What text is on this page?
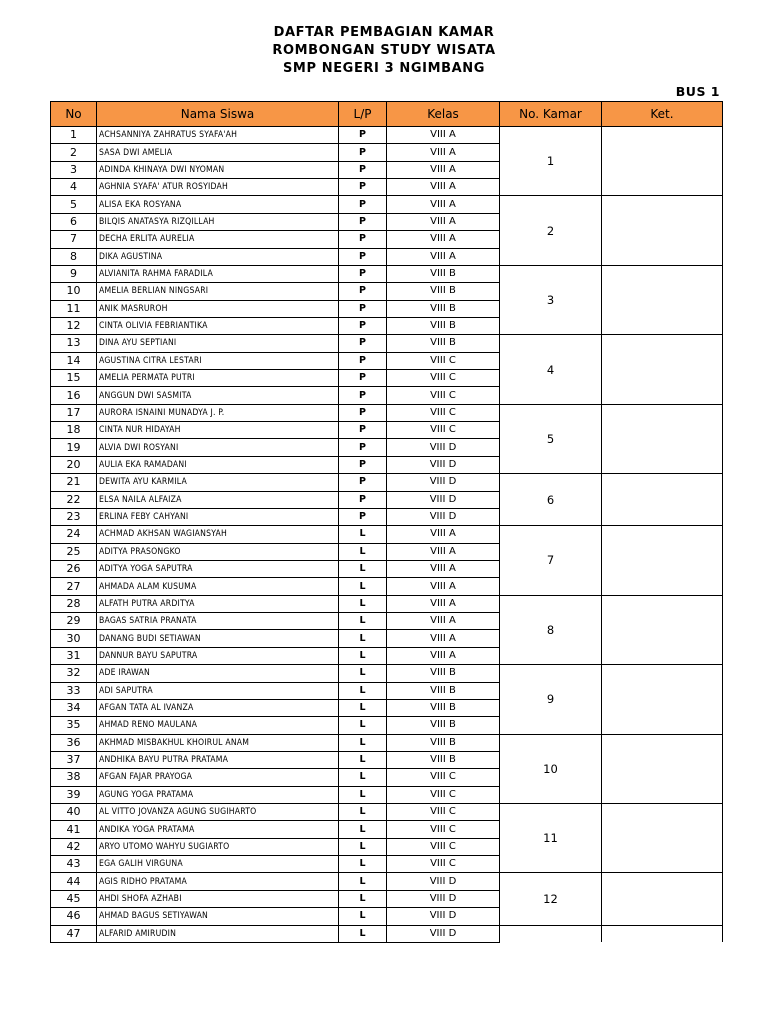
DAFTAR PEMBAGIAN KAMAR
ROMBONGAN STUDY WISATA
SMP NEGERI 3 NGIMBANG
BUS 1
No	Nama Siswa	L/P	Kelas	No. Kamar	Ket.
1	ACHSANNIYA ZAHRATUS SYAFA'AH	P	VIII A	1	
2	SASA DWI AMELIA	P	VIII A		
3	ADINDA KHINAYA DWI NYOMAN	P	VIII A		
4	AGHNIA SYAFA' ATUR ROSYIDAH	P	VIII A		
5	ALISA EKA ROSYANA	P	VIII A	2	
6	BILQIS ANATASYA RIZQILLAH	P	VIII A		
7	DECHA ERLITA AURELIA	P	VIII A		
8	DIKA AGUSTINA	P	VIII A		
9	ALVIANITA RAHMA FARADILA	P	VIII B	3	
10	AMELIA BERLIAN NINGSARI	P	VIII B		
11	ANIK MASRUROH	P	VIII B		
12	CINTA OLIVIA FEBRIANTIKA	P	VIII B		
13	DINA AYU SEPTIANI	P	VIII B	4	
14	AGUSTINA CITRA LESTARI	P	VIII C		
15	AMELIA PERMATA PUTRI	P	VIII C		
16	ANGGUN DWI SASMITA	P	VIII C		
17	AURORA ISNAINI MUNADYA J. P.	P	VIII C	5	
18	CINTA NUR HIDAYAH	P	VIII C		
19	ALVIA DWI ROSYANI	P	VIII D		
20	AULIA EKA RAMADANI	P	VIII D		
21	DEWITA AYU KARMILA	P	VIII D	6	
22	ELSA NAILA ALFAIZA	P	VIII D		
23	ERLINA FEBY CAHYANI	P	VIII D		
24	ACHMAD AKHSAN WAGIANSYAH	L	VIII A	7	
25	ADITYA PRASONGKO	L	VIII A		
26	ADITYA YOGA SAPUTRA	L	VIII A		
27	AHMADA ALAM KUSUMA	L	VIII A		
28	ALFATH PUTRA ARDITYA	L	VIII A	8	
29	BAGAS SATRIA PRANATA	L	VIII A		
30	DANANG BUDI SETIAWAN	L	VIII A		
31	DANNUR BAYU SAPUTRA	L	VIII A		
32	ADE IRAWAN	L	VIII B	9	
33	ADI SAPUTRA	L	VIII B		
34	AFGAN TATA AL IVANZA	L	VIII B		
35	AHMAD RENO MAULANA	L	VIII B		
36	AKHMAD MISBAKHUL KHOIRUL ANAM	L	VIII B	10	
37	ANDHIKA BAYU PUTRA PRATAMA	L	VIII B		
38	AFGAN FAJAR PRAYOGA	L	VIII C		
39	AGUNG YOGA PRATAMA	L	VIII C		
40	AL VITTO JOVANZA AGUNG SUGIHARTO	L	VIII C	11	
41	ANDIKA YOGA PRATAMA	L	VIII C		
42	ARYO UTOMO WAHYU SUGIARTO	L	VIII C		
43	EGA GALIH VIRGUNA	L	VIII C		
44	AGIS RIDHO PRATAMA	L	VIII D	12	
45	AHDI SHOFA AZHABI	L	VIII D		
46	AHMAD BAGUS SETIYAWAN	L	VIII D		
47	ALFARID AMIRUDIN	L	VIII D		
